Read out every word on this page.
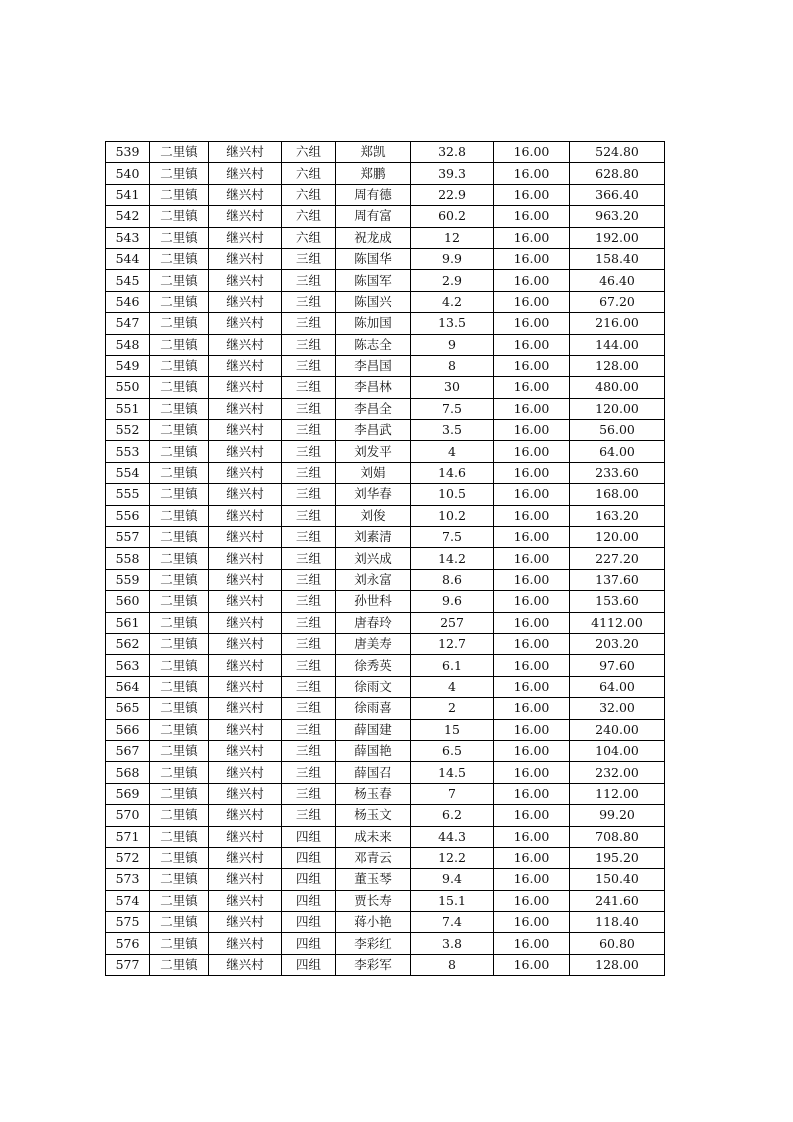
539	二里镇	继兴村	六组	郑凯	32.8	16.00	524.80
540	二里镇	继兴村	六组	郑鹏	39.3	16.00	628.80
541	二里镇	继兴村	六组	周有德	22.9	16.00	366.40
542	二里镇	继兴村	六组	周有富	60.2	16.00	963.20
543	二里镇	继兴村	六组	祝龙成	12	16.00	192.00
544	二里镇	继兴村	三组	陈国华	9.9	16.00	158.40
545	二里镇	继兴村	三组	陈国军	2.9	16.00	46.40
546	二里镇	继兴村	三组	陈国兴	4.2	16.00	67.20
547	二里镇	继兴村	三组	陈加国	13.5	16.00	216.00
548	二里镇	继兴村	三组	陈志全	9	16.00	144.00
549	二里镇	继兴村	三组	李昌国	8	16.00	128.00
550	二里镇	继兴村	三组	李昌林	30	16.00	480.00
551	二里镇	继兴村	三组	李昌全	7.5	16.00	120.00
552	二里镇	继兴村	三组	李昌武	3.5	16.00	56.00
553	二里镇	继兴村	三组	刘发平	4	16.00	64.00
554	二里镇	继兴村	三组	刘娟	14.6	16.00	233.60
555	二里镇	继兴村	三组	刘华春	10.5	16.00	168.00
556	二里镇	继兴村	三组	刘俊	10.2	16.00	163.20
557	二里镇	继兴村	三组	刘素清	7.5	16.00	120.00
558	二里镇	继兴村	三组	刘兴成	14.2	16.00	227.20
559	二里镇	继兴村	三组	刘永富	8.6	16.00	137.60
560	二里镇	继兴村	三组	孙世科	9.6	16.00	153.60
561	二里镇	继兴村	三组	唐春玲	257	16.00	4112.00
562	二里镇	继兴村	三组	唐美寿	12.7	16.00	203.20
563	二里镇	继兴村	三组	徐秀英	6.1	16.00	97.60
564	二里镇	继兴村	三组	徐雨文	4	16.00	64.00
565	二里镇	继兴村	三组	徐雨喜	2	16.00	32.00
566	二里镇	继兴村	三组	薛国建	15	16.00	240.00
567	二里镇	继兴村	三组	薛国艳	6.5	16.00	104.00
568	二里镇	继兴村	三组	薛国召	14.5	16.00	232.00
569	二里镇	继兴村	三组	杨玉春	7	16.00	112.00
570	二里镇	继兴村	三组	杨玉文	6.2	16.00	99.20
571	二里镇	继兴村	四组	成未来	44.3	16.00	708.80
572	二里镇	继兴村	四组	邓青云	12.2	16.00	195.20
573	二里镇	继兴村	四组	董玉琴	9.4	16.00	150.40
574	二里镇	继兴村	四组	贾长寿	15.1	16.00	241.60
575	二里镇	继兴村	四组	蒋小艳	7.4	16.00	118.40
576	二里镇	继兴村	四组	李彩红	3.8	16.00	60.80
577	二里镇	继兴村	四组	李彩军	8	16.00	128.00
